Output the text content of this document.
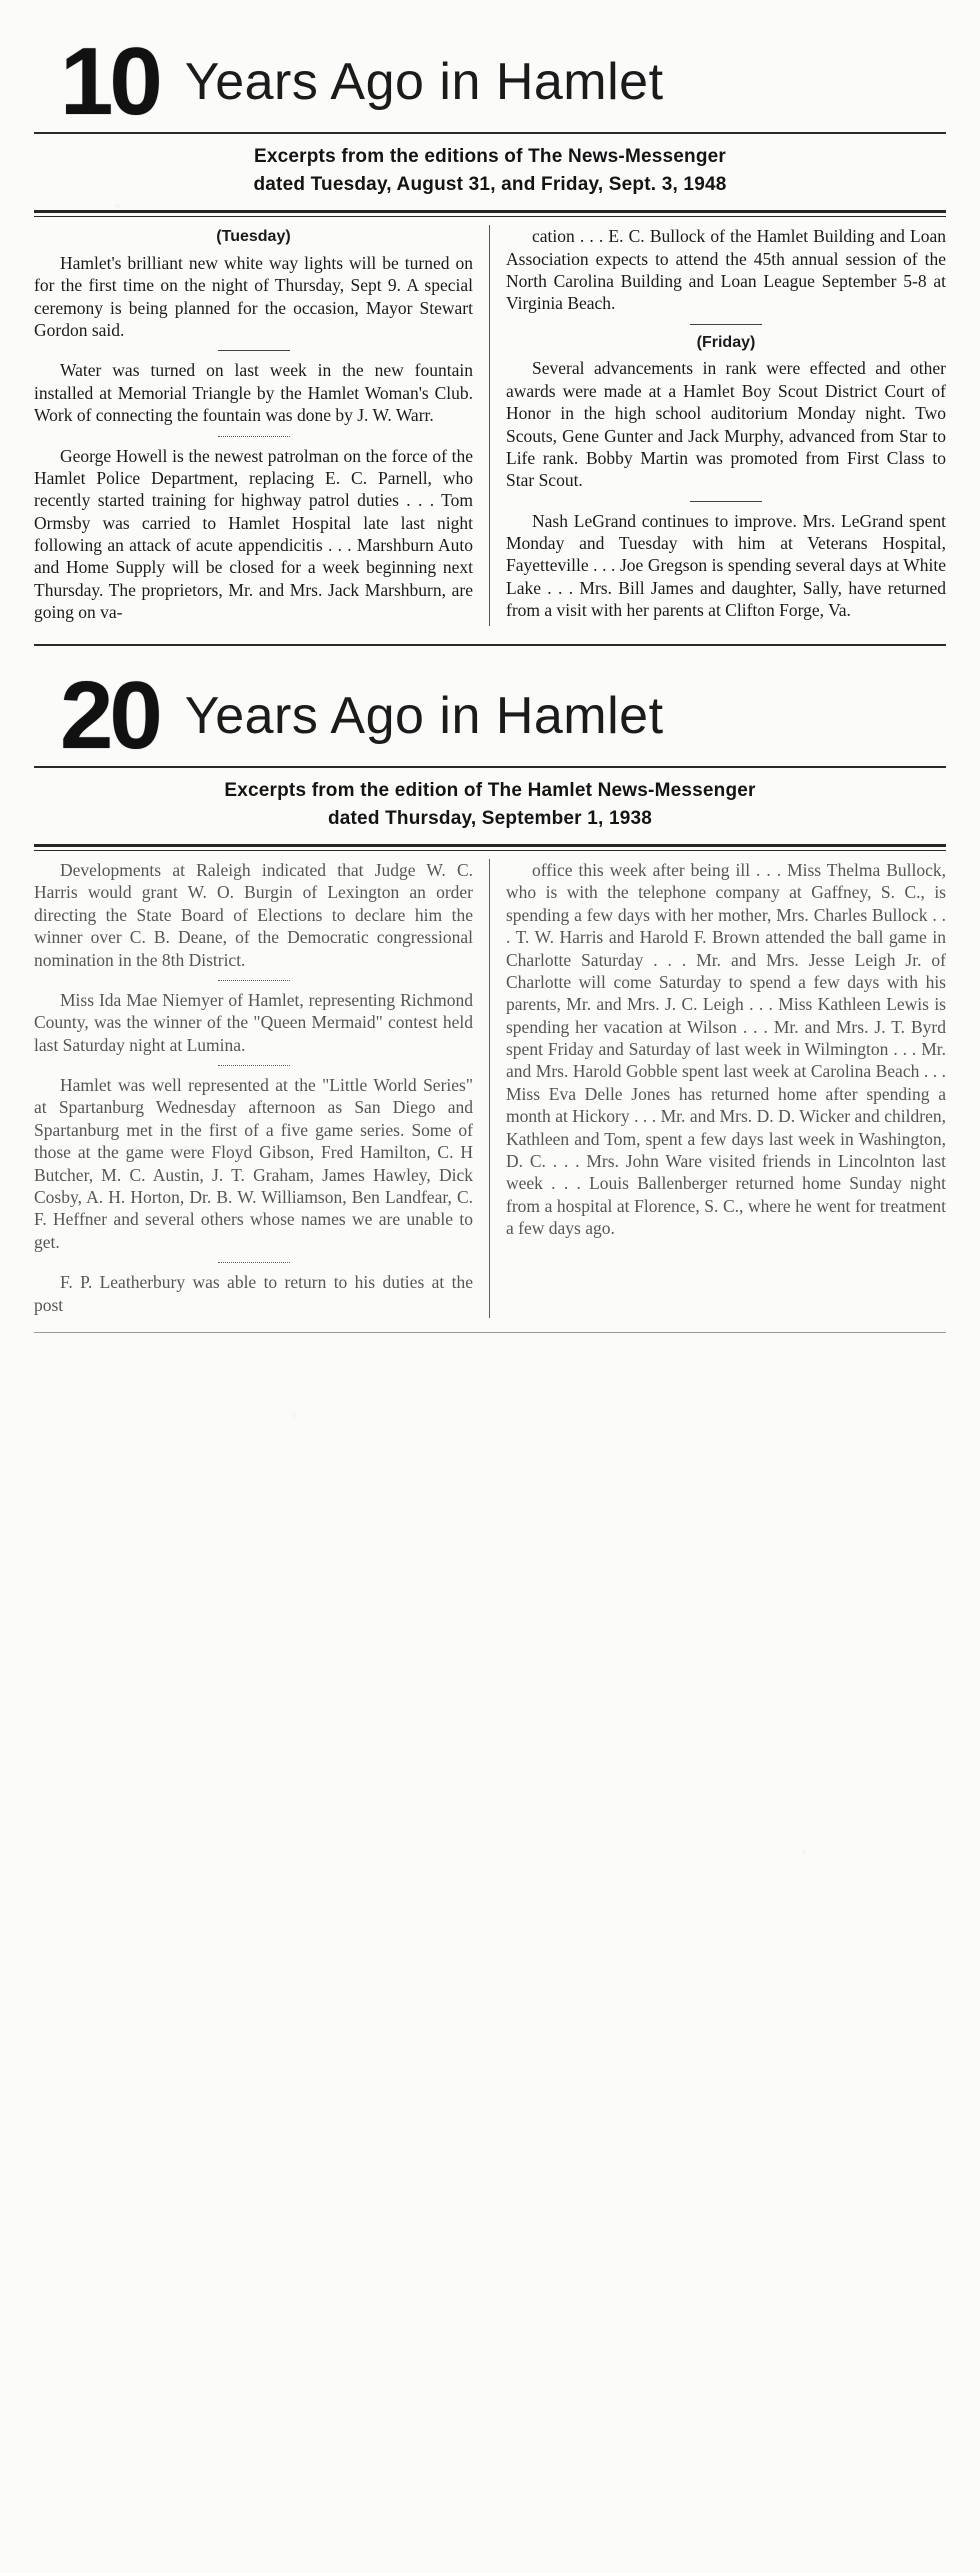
10 Years Ago in Hamlet
Excerpts from the editions of The News-Messenger
dated Tuesday, August 31, and Friday, Sept. 3, 1948
(Tuesday)

Hamlet's brilliant new white way lights will be turned on for the first time on the night of Thursday, Sept 9. A special ceremony is being planned for the occasion, Mayor Stewart Gordon said.

Water was turned on last week in the new fountain installed at Memorial Triangle by the Hamlet Woman's Club. Work of connecting the fountain was done by J. W. Warr.

George Howell is the newest patrolman on the force of the Hamlet Police Department, replacing E. C. Parnell, who recently started training for highway patrol duties . . . Tom Ormsby was carried to Hamlet Hospital late last night following an attack of acute appendicitis . . . Marshburn Auto and Home Supply will be closed for a week beginning next Thursday. The proprietors, Mr. and Mrs. Jack Marshburn, are going on va-

cation . . . E. C. Bullock of the Hamlet Building and Loan Association expects to attend the 45th annual session of the North Carolina Building and Loan League September 5-8 at Virginia Beach.

(Friday)

Several advancements in rank were effected and other awards were made at a Hamlet Boy Scout District Court of Honor in the high school auditorium Monday night. Two Scouts, Gene Gunter and Jack Murphy, advanced from Star to Life rank. Bobby Martin was promoted from First Class to Star Scout.

Nash LeGrand continues to improve. Mrs. LeGrand spent Monday and Tuesday with him at Veterans Hospital, Fayetteville . . . Joe Gregson is spending several days at White Lake . . . Mrs. Bill James and daughter, Sally, have returned from a visit with her parents at Clifton Forge, Va.

20 Years Ago in Hamlet
Excerpts from the edition of The Hamlet News-Messenger
dated Thursday, September 1, 1938

Developments at Raleigh indicated that Judge W. C. Harris would grant W. O. Burgin of Lexington an order directing the State Board of Elections to declare him the winner over C. B. Deane, of the Democratic congressional nomination in the 8th District.

Miss Ida Mae Niemyer of Hamlet, representing Richmond County, was the winner of the "Queen Mermaid" contest held last Saturday night at Lumina.

Hamlet was well represented at the "Little World Series" at Spartanburg Wednesday afternoon as San Diego and Spartanburg met in the first of a five game series. Some of those at the game were Floyd Gibson, Fred Hamilton, C. H Butcher, M. C. Austin, J. T. Graham, James Hawley, Dick Cosby, A. H. Horton, Dr. B. W. Williamson, Ben Landfear, C. F. Heffner and several others whose names we are unable to get.

F. P. Leatherbury was able to return to his duties at the post

office this week after being ill . . . Miss Thelma Bullock, who is with the telephone company at Gaffney, S. C., is spending a few days with her mother, Mrs. Charles Bullock . . . T. W. Harris and Harold F. Brown attended the ball game in Charlotte Saturday . . . Mr. and Mrs. Jesse Leigh Jr. of Charlotte will come Saturday to spend a few days with his parents, Mr. and Mrs. J. C. Leigh . . . Miss Kathleen Lewis is spending her vacation at Wilson . . . Mr. and Mrs. J. T. Byrd spent Friday and Saturday of last week in Wilmington . . . Mr. and Mrs. Harold Gobble spent last week at Carolina Beach . . . Miss Eva Delle Jones has returned home after spending a month at Hickory . . . Mr. and Mrs. D. D. Wicker and children, Kathleen and Tom, spent a few days last week in Washington, D. C. . . . Mrs. John Ware visited friends in Lincolnton last week . . . Louis Ballenberger returned home Sunday night from a hospital at Florence, S. C., where he went for treatment a few days ago.
